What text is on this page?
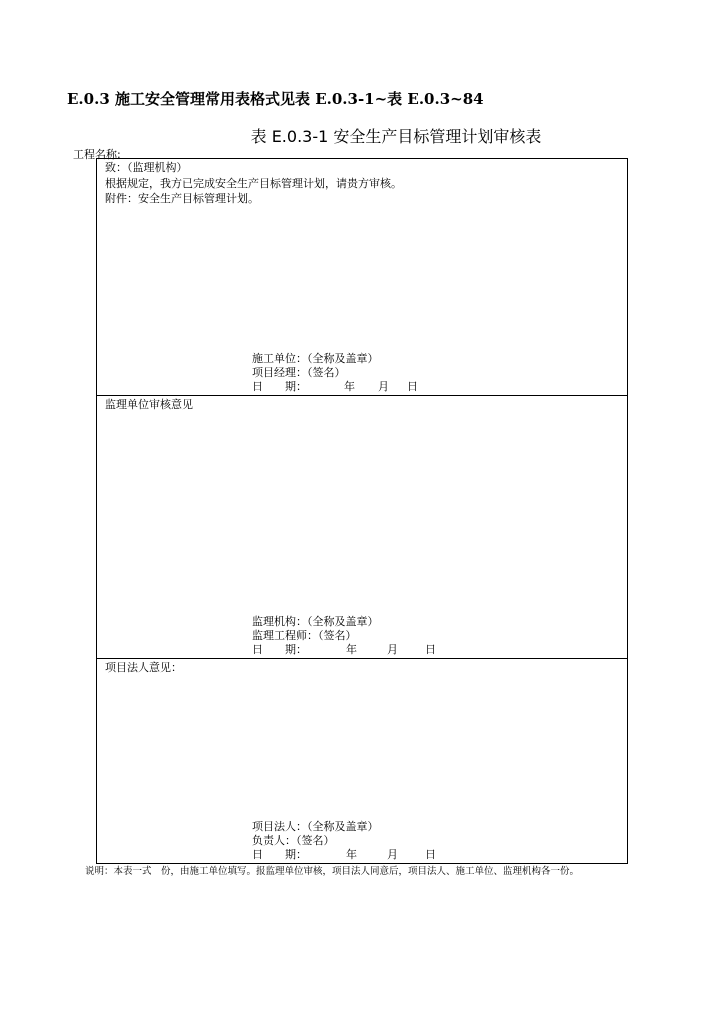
E.0.3 施工安全管理常用表格式见表 E.0.3-1~表 E.0.3~84
表 E.0.3-1 安全生产目标管理计划审核表
工程名称:
致：（监理机构）
根据规定，我方已完成安全生产目标管理计划，请贵方审核。
附件：安全生产目标管理计划。
施工单位：（全称及盖章）
项目经理：（签名）
日　　期：	年	月	日
监理单位审核意见
监理机构：（全称及盖章）
监理工程师：（签名）
日　　期：	年	月	日
项目法人意见：
项目法人：（全称及盖章）
负责人：（签名）
日　　期：	年	月	日
说明：本表一式　份，由施工单位填写。报监理单位审核，项目法人同意后，项目法人、施工单位、监理机构各一份。
